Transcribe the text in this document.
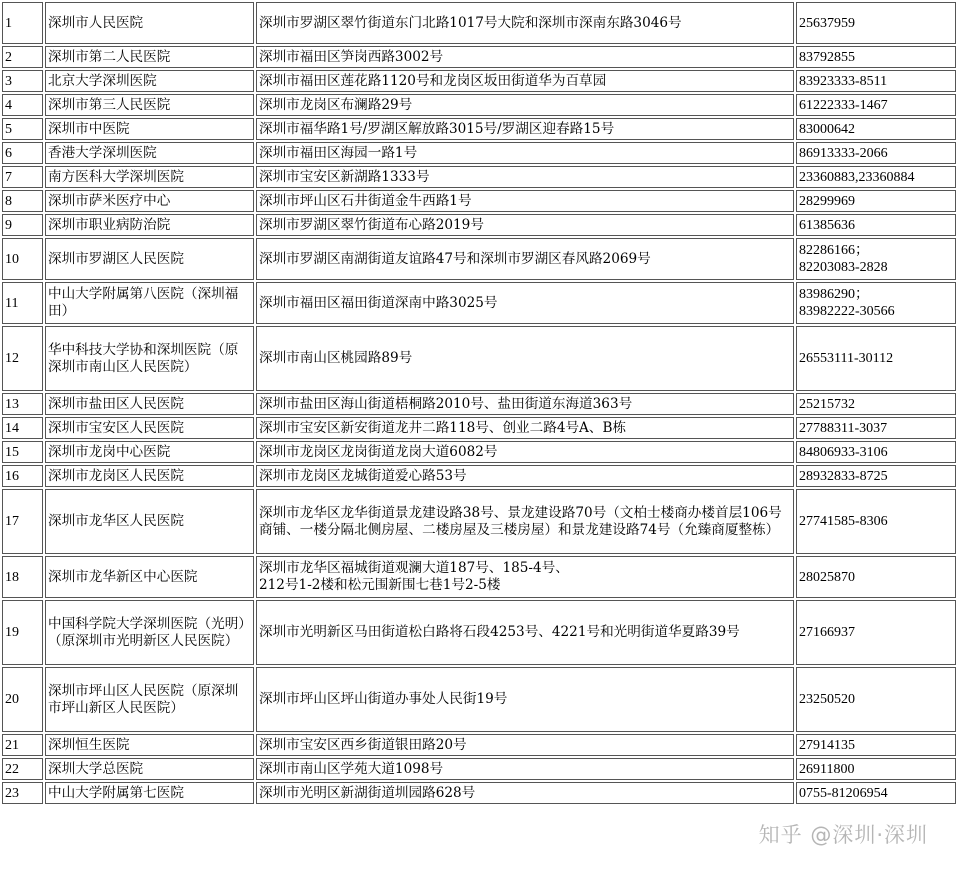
1	深圳市人民医院	深圳市罗湖区翠竹街道东门北路1017号大院和深圳市深南东路3046号	25637959
2	深圳市第二人民医院	深圳市福田区笋岗西路3002号	83792855
3	北京大学深圳医院	深圳市福田区莲花路1120号和龙岗区坂田街道华为百草园	83923333-8511
4	深圳市第三人民医院	深圳市龙岗区布澜路29号	61222333-1467
5	深圳市中医院	深圳市福华路1号/罗湖区解放路3015号/罗湖区迎春路15号	83000642
6	香港大学深圳医院	深圳市福田区海园一路1号	86913333-2066
7	南方医科大学深圳医院	深圳市宝安区新湖路1333号	23360883,23360884
8	深圳市萨米医疗中心	深圳市坪山区石井街道金牛西路1号	28299969
9	深圳市职业病防治院	深圳市罗湖区翠竹街道布心路2019号	61385636
10	深圳市罗湖区人民医院	深圳市罗湖区南湖街道友谊路47号和深圳市罗湖区春风路2069号	82286166；
82203083-2828
11	中山大学附属第八医院（深圳福田）	深圳市福田区福田街道深南中路3025号	83986290；
83982222-30566
12	华中科技大学协和深圳医院（原深圳市南山区人民医院）	深圳市南山区桃园路89号	26553111-30112
13	深圳市盐田区人民医院	深圳市盐田区海山街道梧桐路2010号、盐田街道东海道363号	25215732
14	深圳市宝安区人民医院	深圳市宝安区新安街道龙井二路118号、创业二路4号A、B栋	27788311-3037
15	深圳市龙岗中心医院	深圳市龙岗区龙岗街道龙岗大道6082号	84806933-3106
16	深圳市龙岗区人民医院	深圳市龙岗区龙城街道爱心路53号	28932833-8725
17	深圳市龙华区人民医院	深圳市龙华区龙华街道景龙建设路38号、景龙建设路70号（文柏士楼商办楼首层106号商铺、一楼分隔北侧房屋、二楼房屋及三楼房屋）和景龙建设路74号（允臻商厦整栋）	27741585-8306
18	深圳市龙华新区中心医院	深圳市龙华区福城街道观澜大道187号、185-4号、
212号1-2楼和松元围新围七巷1号2-5楼	28025870
19	中国科学院大学深圳医院（光明）（原深圳市光明新区人民医院）	深圳市光明新区马田街道松白路将石段4253号、4221号和光明街道华夏路39号	27166937
20	深圳市坪山区人民医院（原深圳市坪山新区人民医院）	深圳市坪山区坪山街道办事处人民街19号	23250520
21	深圳恒生医院	深圳市宝安区西乡街道银田路20号	27914135
22	深圳大学总医院	深圳市南山区学苑大道1098号	26911800
23	中山大学附属第七医院	深圳市光明区新湖街道圳园路628号	0755-81206954
知乎 @深圳·深圳
